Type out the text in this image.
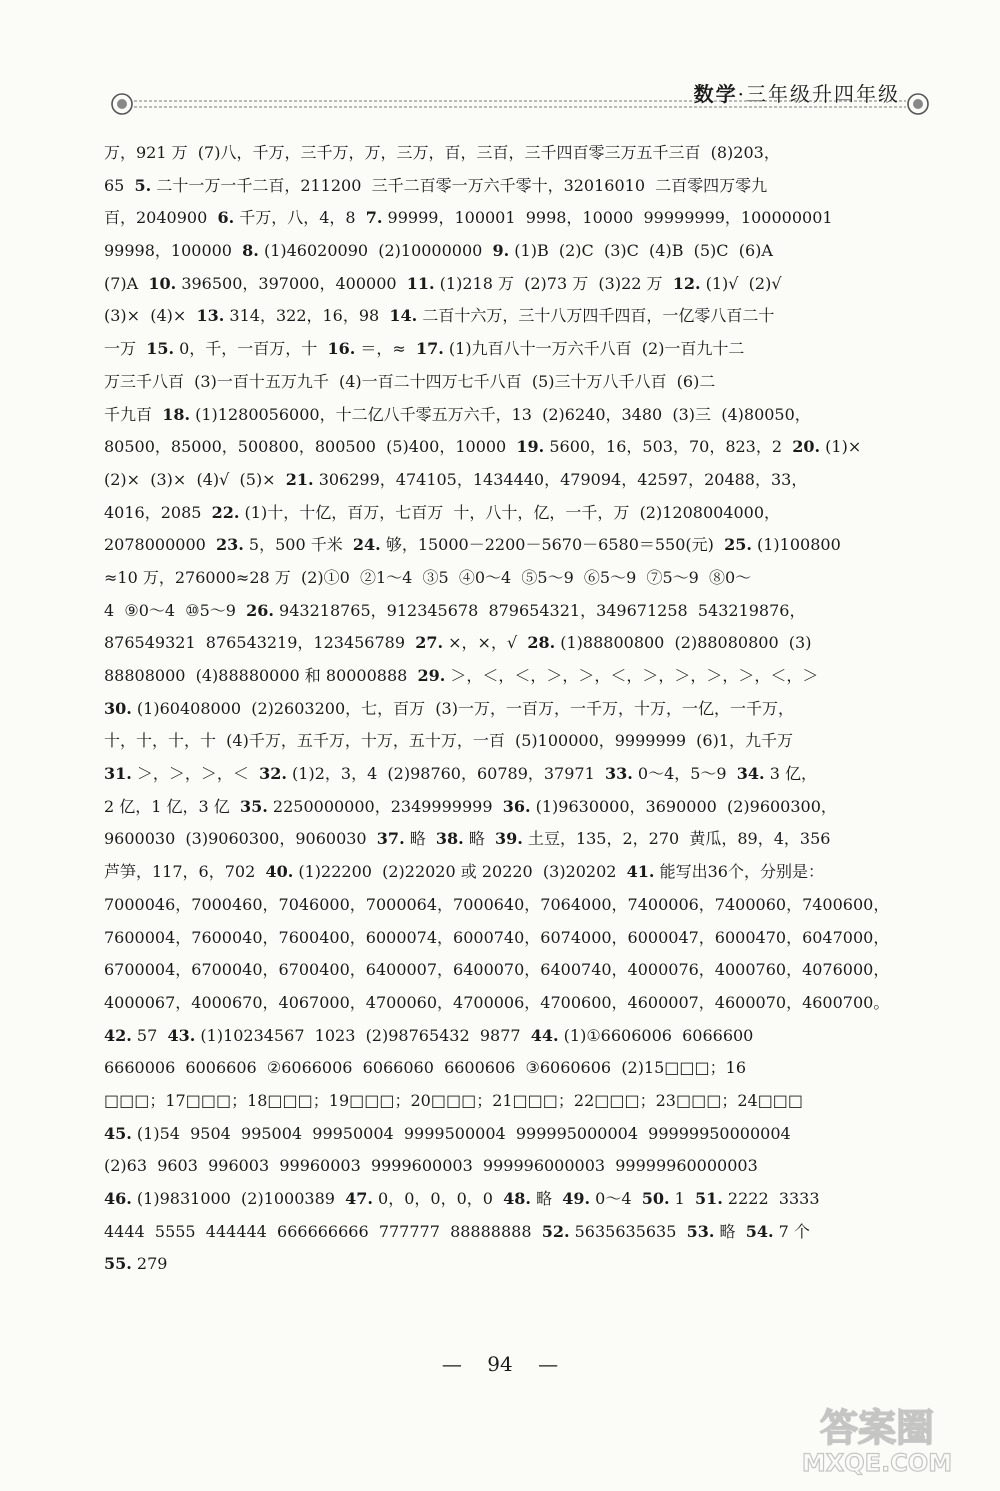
数学·三年级升四年级
万，921 万  (7)八，千万，三千万，万，三万，百，三百，三千四百零三万五千三百  (8)203，
65  5. 二十一万一千二百，211200  三千二百零一万六千零十，32016010  二百零四万零九
百，2040900  6. 千万，八，4，8  7. 99999，100001  9998，10000  99999999，100000001
99998，100000  8. (1)46020090  (2)10000000  9. (1)B  (2)C  (3)C  (4)B  (5)C  (6)A
(7)A  10. 396500，397000，400000  11. (1)218 万  (2)73 万  (3)22 万  12. (1)√  (2)√
(3)×  (4)×  13. 314，322，16，98  14. 二百十六万，三十八万四千四百，一亿零八百二十
一万  15. 0，千，一百万，十  16. ＝，≈  17. (1)九百八十一万六千八百  (2)一百九十二
万三千八百  (3)一百十五万九千  (4)一百二十四万七千八百  (5)三十万八千八百  (6)二
千九百  18. (1)1280056000，十二亿八千零五万六千，13  (2)6240，3480  (3)三  (4)80050，
80500，85000，500800，800500  (5)400，10000  19. 5600，16，503，70，823，2  20. (1)×
(2)×  (3)×  (4)√  (5)×  21. 306299，474105，1434440，479094，42597，20488，33，
4016，2085  22. (1)十，十亿，百万，七百万  十，八十，亿，一千，万  (2)1208004000，
2078000000  23. 5，500 千米  24. 够，15000－2200－5670－6580＝550(元)  25. (1)100800
≈10 万，276000≈28 万  (2)①0  ②1～4  ③5  ④0～4  ⑤5～9  ⑥5～9  ⑦5～9  ⑧0～
4  ⑨0～4  ⑩5～9  26. 943218765，912345678  879654321，349671258  543219876，
876549321  876543219，123456789  27. ×，×，√  28. (1)88800800  (2)88080800  (3)
88808000  (4)88880000 和 80000888  29. ＞，＜，＜，＞，＞，＜，＞，＞，＞，＞，＜，＞
30. (1)60408000  (2)2603200，七，百万  (3)一万，一百万，一千万，十万，一亿，一千万，
十，十，十，十  (4)千万，五千万，十万，五十万，一百  (5)100000，9999999  (6)1，九千万
31. ＞，＞，＞，＜  32. (1)2，3，4  (2)98760，60789，37971  33. 0～4，5～9  34. 3 亿，
2 亿，1 亿，3 亿  35. 2250000000，2349999999  36. (1)9630000，3690000  (2)9600300，
9600030  (3)9060300，9060030  37. 略  38. 略  39. 土豆，135，2，270  黄瓜，89，4，356
芦笋，117，6，702  40. (1)22200  (2)22020 或 20220  (3)20202  41. 能写出36个，分别是：
7000046，7000460，7046000，7000064，7000640，7064000，7400006，7400060，7400600，
7600004，7600040，7600400，6000074，6000740，6074000，6000047，6000470，6047000，
6700004，6700040，6700400，6400007，6400070，6400740，4000076，4000760，4076000，
4000067，4000670，4067000，4700060，4700006，4700600，4600007，4600070，4600700。
42. 57  43. (1)10234567  1023  (2)98765432  9877  44. (1)①6606006  6066600
6660006  6006606  ②6066006  6066060  6600606  ③6060606  (2)15□□□；16
□□□；17□□□；18□□□；19□□□；20□□□；21□□□；22□□□；23□□□；24□□□
45. (1)54  9504  995004  99950004  9999500004  999995000004  99999950000004
(2)63  9603  996003  99960003  9999600003  999996000003  99999960000003
46. (1)9831000  (2)1000389  47. 0，0，0，0，0  48. 略  49. 0～4  50. 1  51. 2222  3333
4444  5555  444444  666666666  777777  88888888  52. 5635635635  53. 略  54. 7 个
55. 279
— 94 —
答案圈
MXQE.COM
